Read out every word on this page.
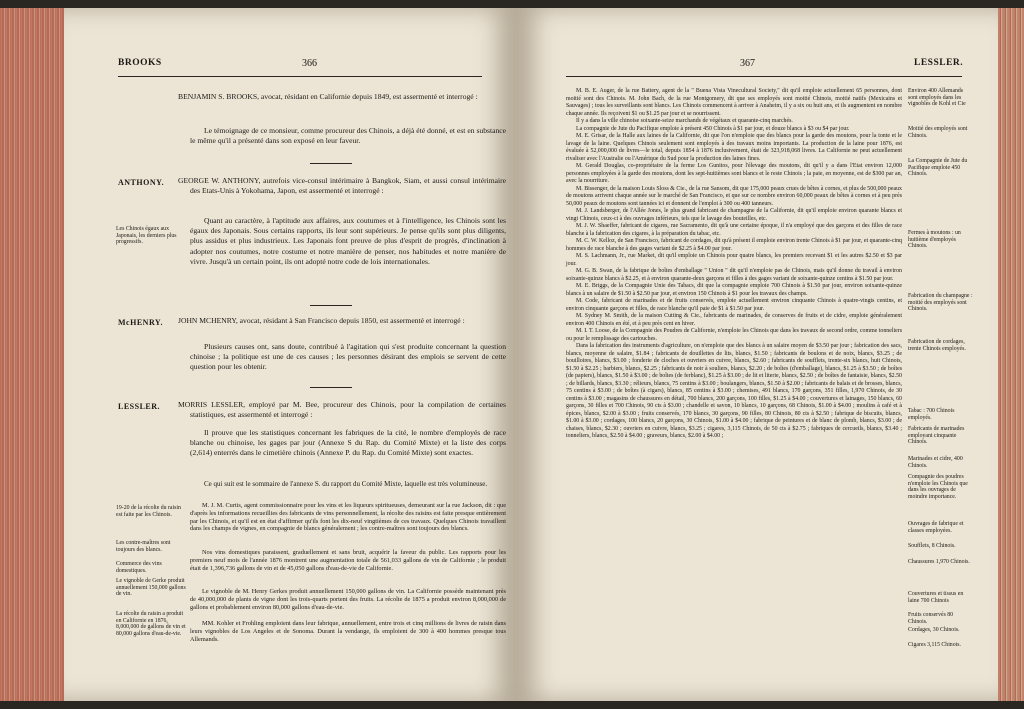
BROOKS	366
BENJAMIN S. BROOKS, avocat, résidant en Californie depuis 1849, est assermenté et interrogé :
Le témoignage de ce monsieur, comme procureur des Chinois, a déjà été donné, et est en substance le même qu'il a présenté dans son exposé en leur faveur.
ANTHONY. GEORGE W. ANTHONY, autrefois vice-consul intérimaire à Bangkok, Siam, et aussi consul intérimaire des Etats-Unis à Yokohama, Japon, est assermenté et interrogé :
Les Chinois égaux aux Japonais, les derniers plus progressifs.
Quant au caractère, à l'aptitude aux affaires, aux coutumes et à l'intelligence, les Chinois sont les égaux des Japonais. Sous certains rapports, ils leur sont supérieurs. Je pense qu'ils sont plus diligents, plus assidus et plus industrieux. Les Japonais font preuve de plus d'esprit de progrès, d'inclination à adopter nos coutumes, notre costume et notre manière de penser, nos habitudes et notre manière de vivre. Jusqu'à un certain point, ils ont adopté notre code de lois internationales.
McHENRY. JOHN MCHENRY, avocat, résidant à San Francisco depuis 1850, est assermenté et interrogé :
Plusieurs causes ont, sans doute, contribué à l'agitation qui s'est produite concernant la question chinoise ; la politique est une de ces causes ; les personnes désirant des emplois se servent de cette question pour les obtenir.
LESSLER. MORRIS LESSLER, employé par M. Bee, procureur des Chinois, pour la compilation de certaines statistiques, est assermenté et interrogé :
Il prouve que les statistiques concernant les fabriques de la cité, le nombre d'employés de race blanche ou chinoise, les gages par jour (Annexe S du Rap. du Comité Mixte) et la liste des corps (2,614) enterrés dans le cimetière chinois (Annexe P. du Rap. du Comité Mixte) sont exactes.
Ce qui suit est le sommaire de l'annexe S. du rapport du Comité Mixte, laquelle est très volumineuse.
M. J. M. Curtis, agent commissionnaire pour les vins et les liqueurs spiritueuses, demeurant sur la rue Jackson, dit : que d'après les informations recueillies des fabricants de vins personnellement, la récolte des raisins est faite presque entièrement par les Chinois, et qu'il est en état d'affirmer qu'ils font les dix-neuf vingtièmes de ces travaux. Quelques Chinois travaillent dans les champs de vignes, en compagnie de blancs généralement ; les contre-maîtres sont toujours des blancs.
Nos vins domestiques paraissent, graduellement et sans bruit, acquérir la faveur du public. Les rapports pour les premiers neuf mois de l'année 1876 montrent une augmentation totale de 561,033 gallons de vin de Californie ; le produit était de 1,396,736 gallons de vin et de 45,050 gallons d'eau-de-vie de Californie.
Le vignoble de M. Henry Gerkes produit annuellement 150,000 gallons de vin. La Californie possède maintenant près de 40,000,000 de plants de vigne dont les trois-quarts portent des fruits. La récolte de 1875 a produit environ 8,000,000 de gallons et probablement environ 80,000 gallons d'eau-de-vie.
MM. Kohler et Frohling emploient dans leur fabrique, annuellement, entre trois et cinq millions de livres de raisin dans leurs vignobles de Los Angeles et de Sonoma. Durant la vendange, ils emploient de 300 à 400 hommes presque tous Allemands.
19-20 de la récolte du raisin est faite par les Chinois.
Les contre-maîtres sont toujours des blancs.
Commerce des vins domestiques.
Le vignoble de Gerke produit annuellement 150,000 gallons de vin.
La récolte du raisin a produit en Californie en 1876, 8,000,000 de gallons de vin et 80,000 gallons d'eau-de-vie.
367	LESSLER.
M. B. E. Auger, de la rue Battery, agent de la " Buena Vista Vinecultural Society," dit qu'il emploie actuellement 65 personnes, dont moitié sont des Chinois. M. John Bach, de la rue Montgomery, dit que ses employés sont moitié Chinois, moitié natifs (Mexicains et Sauvages) ; tous les surveillants sont blancs. Les Chinois commencent à arriver à Anaheim, il y a six ou huit ans, et ils augmentent en nombre chaque année. Ils reçoivent $1 ou $1.25 par jour et se nourrissent.
Il y a dans la ville chinoise soixante-seize marchands de végétaux et quarante-cinq marchés.
La compagnie de Jute du Pacifique emploie à présent 450 Chinois à $1 par jour, et douze blancs à $3 ou $4 par jour.
M. E. Grisar, de la Halle aux laines de la Californie, dit que l'on n'emploie que des blancs pour la garde des moutons, pour la tonte et le lavage de la laine. Quelques Chinois seulement sont employés à des travaux moins importants. La production de la laine pour 1876, est évaluée à 52,000,000 de livres—le total, depuis 1854 à 1876 inclusivement, était de 323,918,068 livres. La Californie ne peut actuellement rivaliser avec l'Australie ou l'Amérique du Sud pour la production des laines fines.
M. Gerald Douglas, co-propriétaire de la ferme Los Gunitos, pour l'élevage des moutons, dit qu'il y a dans l'Etat environ 12,000 personnes employées à la garde des moutons, dont les sept-huitièmes sont blancs et le reste Chinois ; la paie, en moyenne, est de $300 par an, avec la nourriture.
M. Bissenger, de la maison Louis Sloss & Cie., de la rue Sansom, dit que 175,000 peaux crues de bêtes à cornes, et plus de 500,000 peaux de moutons arrivent chaque année sur le marché de San Francisco, et que sur ce nombre environ 60,000 peaux de bêtes à cornes et à peu près 50,000 peaux de moutons sont tannées ici et donnent de l'emploi à 300 ou 400 tanneurs.
M. J. Landsberger, de l'Allée Jones, le plus grand fabricant de champagne de la Californie, dit qu'il emploie environ quarante blancs et vingt Chinois, ceux-ci à des ouvrages inférieurs, tels que le lavage des bouteilles, etc.
M. J. W. Shaeffer, fabricant de cigares, rue Sacramento, dit qu'à une certaine époque, il n'a employé que des garçons et des filles de race blanche à la fabrication des cigares, à la préparation du tabac, etc.
M. C. W. Kelloz, de San Francisco, fabricant de cordages, dit qu'à présent il emploie environ trente Chinois à $1 par jour, et quarante-cinq hommes de race blanche à des gages variant de $2.25 à $4.00 par jour.
M. S. Lachmann, Jr., rue Market, dit qu'il emploie un Chinois pour quatre blancs, les premiers recevant $1 et les autres $2.50 et $3 par jour.
M. G. B. Swan, de la fabrique de boîtes d'emballage " Union " dit qu'il n'emploie pas de Chinois, mais qu'il donne du travail à environ soixante-quinze blancs à $2.25, et à environ quarante-deux garçons et filles à des gages variant de soixante-quinze centins à $1.50 par jour.
M. E. Briggs, de la Compagnie Unie des Tabacs, dit que la compagnie emploie 700 Chinois à $1.50 par jour, environ soixante-quinze blancs à un salaire de $1.50 à $2.50 par jour, et environ 150 Chinois à $1 pour les travaux des champs.
M. Code, fabricant de marinades et de fruits conservés, emploie actuellement environ cinquante Chinois à quatre-vingts centins, et environ cinquante garçons et filles, de race blanche qu'il paie de $1 à $1.50 par jour.
M. Sydney M. Smith, de la maison Cutting & Cie., fabricants de marinades, de conserves de fruits et de cidre, emploie généralement environ 400 Chinois en été, et à peu près cent en hiver.
M. I. T. Loose, de la Compagnie des Poudres de Californie, n'emploie les Chinois que dans les travaux de second ordre, comme tonneliers ou pour le remplissage des cartouches.
Dans la fabrication des instruments d'agriculture, on n'emploie que des blancs à un salaire moyen de $3.50 par jour ; fabrication des sacs, blancs, moyenne de salaire, $1.84 ; fabricants de douillettes de lits, blancs, $1.50 ; fabricants de boulons et de noix, blancs, $3.25 ; de bouilloires, blancs, $3.00 ; fonderie de cloches et ouvriers en cuivre, blancs, $2.60 ; fabricants de soufflets, trente-six blancs, huit Chinois, $1.50 à $2.25 ; barbiers, blancs, $2.25 ; fabricants de noir à souliers, blancs, $2.20 ; de boîtes (d'emballage), blancs, $1.25 à $3.50 ; de boîtes (de papiers), blancs, $1.50 à $3.00 ; de boîtes (de ferblanc), $1.25 à $3.00 ; de lit et literie, blancs, $2.50 ; de boîtes de fantaisie, blancs, $2.50 ; de billards, blancs, $3.30 ; rélieurs, blancs, 75 centins à $3.00 ; boulangers, blancs, $1.50 à $2.00 ; fabricants de balais et de brosses, blancs, 75 centins à $3.00 ; de boîtes (à cigars), blancs, 85 centins à $3.00 ; chemises, 491 blancs, 170 garçons, 351 filles, 1,970 Chinois, de 30 centins à $3.00 ; magasins de chaussures en détail, 700 blancs, 200 garçons, 100 filles, $1.25 à $4.00 ; couvertures et lainages, 150 blancs, 60 garçons, 30 filles et 700 Chinois, 90 cts à $3.00 ; chandelle et savon, 10 blancs, 10 garçons, 68 Chinois, $1.00 à $4.00 ; moulins à café et à épices, blancs, $2.00 à $3.00 ; fruits conservés, 170 blancs, 30 garçons, 90 filles, 80 Chinois, 80 cts à $2.50 ; fabrique de biscuits, blancs, $1.00 à $3.00 ; cordages, 100 blancs, 20 garçons, 30 Chinois, $1.00 à $4.00 ; fabrique de peintures et de blanc de plomb, blancs, $3.00 ; de chaises, blancs, $2.30 ; ouvriers en cuivre, blancs, $3.25 ; cigares, 3,115 Chinois, de 50 cts à $2.75 ; fabriques de cercueils, blancs, $3.40 ; tonneliers, blancs, $2.50 à $4.00 ; graveurs, blancs, $2.00 à $4.00 ;
Environ 400 Allemands sont employés dans les vignobles de Kohl et Cie
Moitié des employés sont Chinois.
La Compagnie de Jute du Pacifique emploie 450 Chinois.
Fermes à moutons : un huitième d'employés Chinois.
Fabrication du champagne : moitié des employés sont Chinois.
Fabrication de cordages, trente Chinois employés.
Tabac : 700 Chinois employés.
Fabricants de marinades employant cinquante Chinois.
Marinades et cidre, 400 Chinois.
Compagnie des poudres n'emploie les Chinois que dans les ouvrages de moindre importance.
Ouvrages de fabrique et classes employées.
Soufflets, 8 Chinois.
Chaussures 1,970 Chinois.
Couvertures et tissus en laine 700 Chinois
Fruits conservés 80 Chinois.
Cordages, 30 Chinois.
Cigares 3,115 Chinois.
